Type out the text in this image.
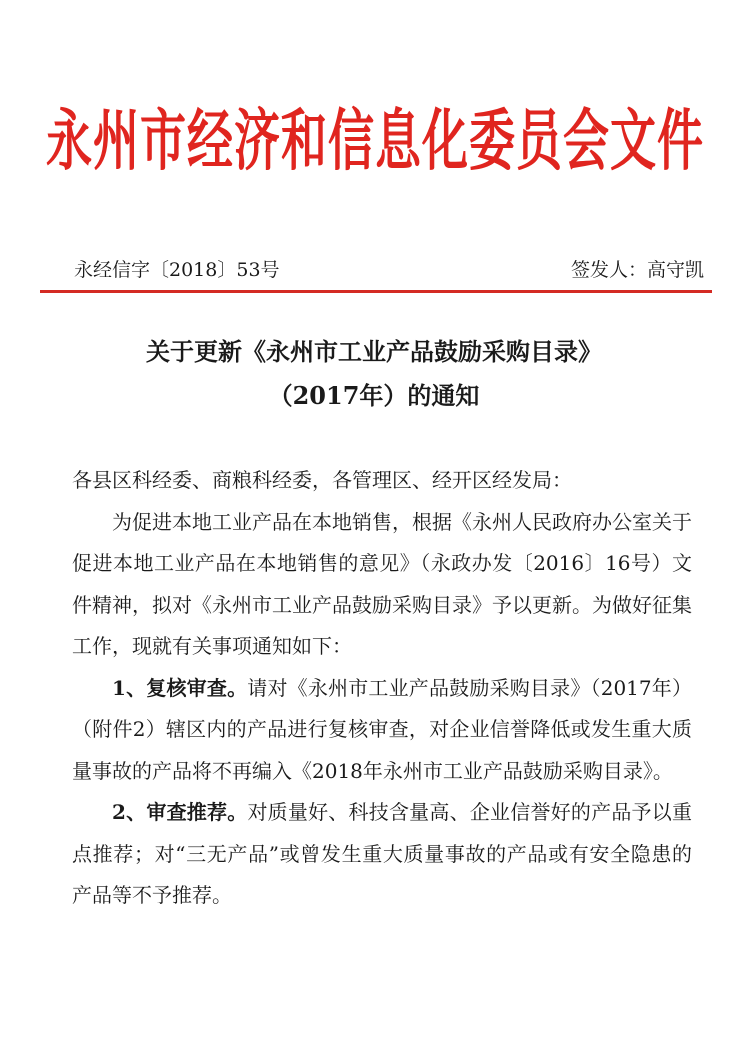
永州市经济和信息化委员会文件
永经信字〔2018〕53号	签发人：高守凯
关于更新《永州市工业产品鼓励采购目录》
（2017年）的通知

各县区科经委、商粮科经委，各管理区、经开区经发局：

为促进本地工业产品在本地销售，根据《永州人民政府办公室关于促进本地工业产品在本地销售的意见》（永政办发〔2016〕16号）文件精神，拟对《永州市工业产品鼓励采购目录》予以更新。为做好征集工作，现就有关事项通知如下：

1、复核审查。请对《永州市工业产品鼓励采购目录》（2017年）（附件2）辖区内的产品进行复核审查，对企业信誉降低或发生重大质量事故的产品将不再编入《2018年永州市工业产品鼓励采购目录》。

2、审查推荐。对质量好、科技含量高、企业信誉好的产品予以重点推荐；对“三无产品”或曾发生重大质量事故的产品或有安全隐患的产品等不予推荐。
